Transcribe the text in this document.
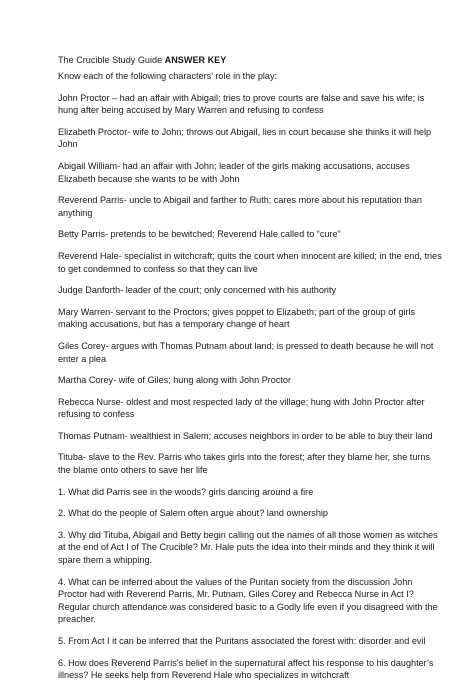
The Crucible Study Guide ANSWER KEY

Know each of the following characters’ role in the play:

John Proctor – had an affair with Abigail; tries to prove courts are false and save his wife; is hung after being accused by Mary Warren and refusing to confess

Elizabeth Proctor- wife to John; throws out Abigail, lies in court because she thinks it will help John

Abigail William- had an affair with John; leader of the girls making accusations, accuses Elizabeth because she wants to be with John

Reverend Parris- uncle to Abigail and farther to Ruth; cares more about his reputation than anything

Betty Parris- pretends to be bewitched; Reverend Hale called to “cure”

Reverend Hale- specialist in witchcraft; quits the court when innocent are killed; in the end, tries to get condemned to confess so that they can live

Judge Danforth- leader of the court; only concerned with his authority

Mary Warren- servant to the Proctors; gives poppet to Elizabeth; part of the group of girls making accusations, but has a temporary change of heart

Giles Corey- argues with Thomas Putnam about land; is pressed to death because he will not enter a plea

Martha Corey- wife of Giles; hung along with John Proctor

Rebecca Nurse- oldest and most respected lady of the village; hung with John Proctor after refusing to confess

Thomas Putnam- wealthiest in Salem; accuses neighbors in order to be able to buy their land

Tituba- slave to the Rev. Parris who takes girls into the forest; after they blame her, she turns the blame onto others to save her life

1. What did Parris see in the woods? girls dancing around a fire

2. What do the people of Salem often argue about? land ownership

3. Why did Tituba, Abigail and Betty begin calling out the names of all those women as witches at the end of Act I of The Crucible? Mr. Hale puts the idea into their minds and they think it will spare them a whipping.

4. What can be inferred about the values of the Puritan society from the discussion John Proctor had with Reverend Parris, Mr. Putnam, Giles Corey and Rebecca Nurse in Act I? Regular church attendance was considered basic to a Godly life even if you disagreed with the preacher.

5. From Act I it can be inferred that the Puritans associated the forest with: disorder and evil

6. How does Reverend Parris’s belief in the supernatural affect his response to his daughter’s illness? He seeks help from Reverend Hale who specializes in witchcraft
